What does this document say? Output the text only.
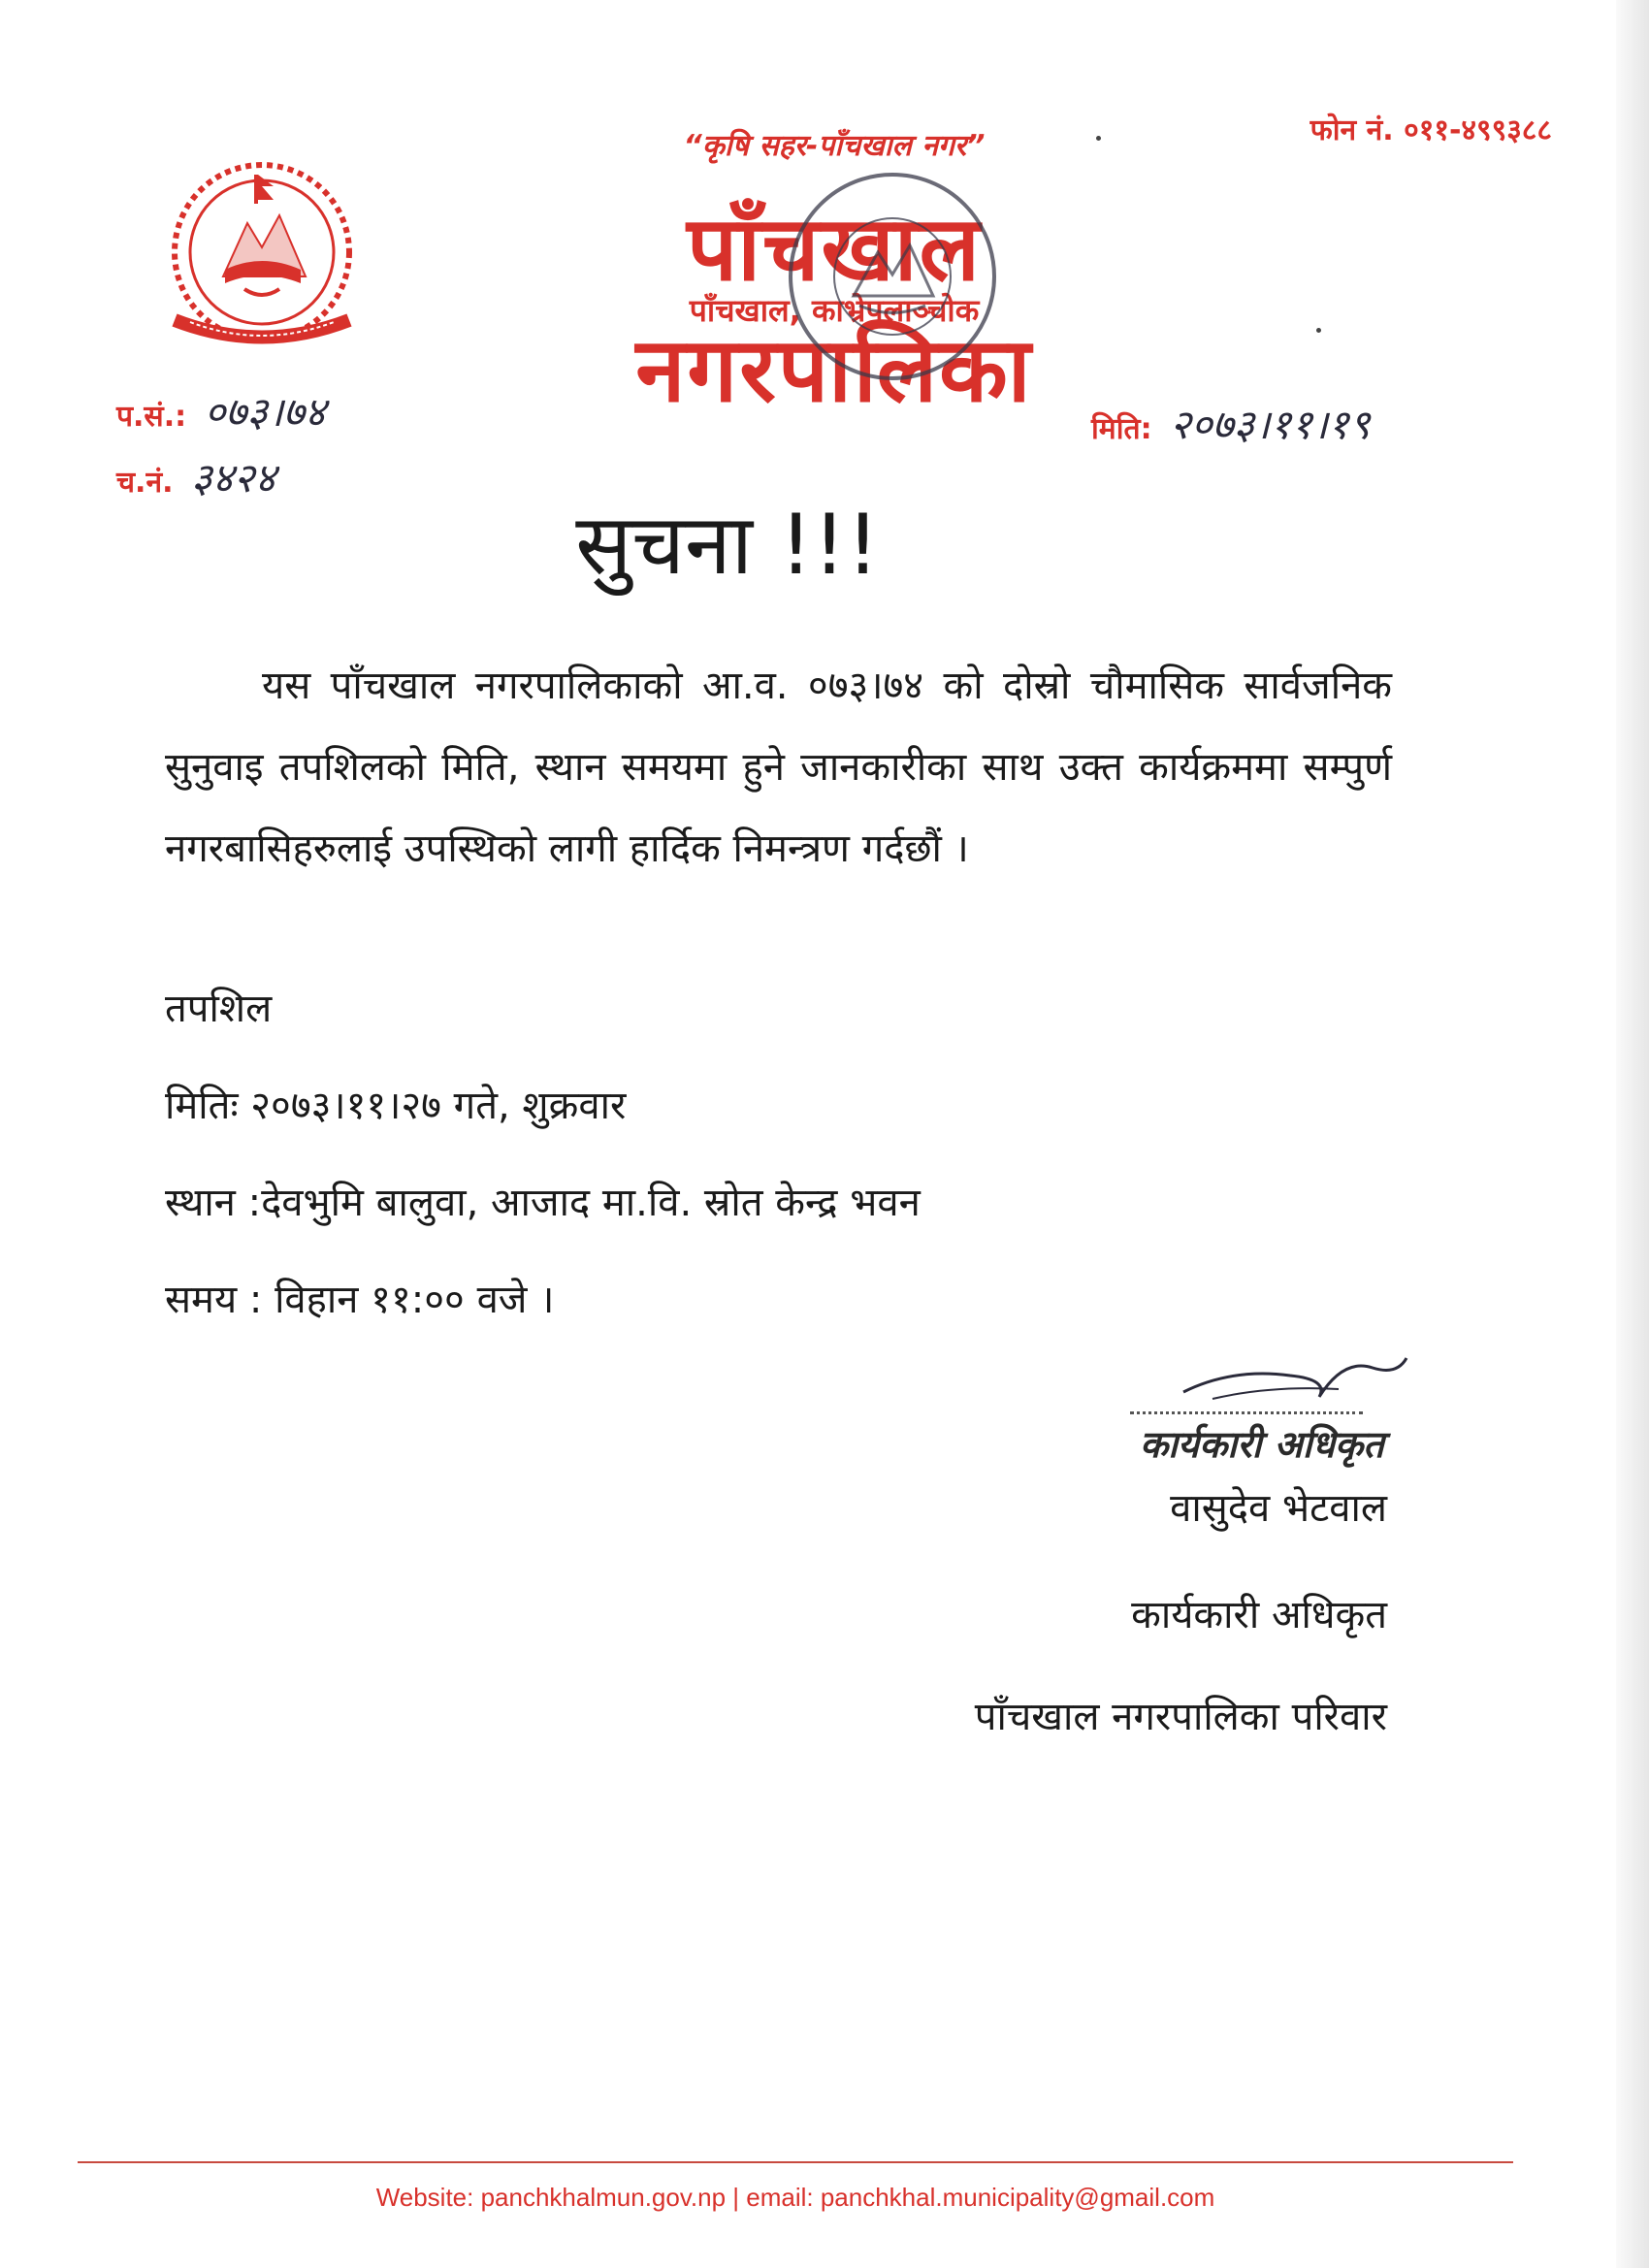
“कृषि सहर-पाँचखाल नगर”
पाँचखाल नगरपालिका
पाँचखाल, काभ्रेपलाञ्चोक
फोन नं. ०११-४९९३८८
प.सं.: ०७३।७४
च.नं. ३४२४
मिति: २०७३।११।१९
सुचना !!!
यस पाँचखाल नगरपालिकाको आ.व. ०७३।७४ को दोस्रो चौमासिक सार्वजनिक सुनुवाइ तपशिलको मिति, स्थान समयमा हुने जानकारीका साथ उक्त कार्यक्रममा सम्पुर्ण नगरबासिहरुलाई उपस्थिको लागी हार्दिक निमन्त्रण गर्दछौं ।
तपशिल
मितिः २०७३।११।२७ गते, शुक्रवार
स्थान :देवभुमि बालुवा, आजाद मा.वि. स्रोत केन्द्र भवन
समय : विहान ११:०० वजे ।
कार्यकारी अधिकृत
वासुदेव भेटवाल
कार्यकारी अधिकृत
पाँचखाल नगरपालिका परिवार
Website: panchkhalmun.gov.np | email: panchkhal.municipality@gmail.com
